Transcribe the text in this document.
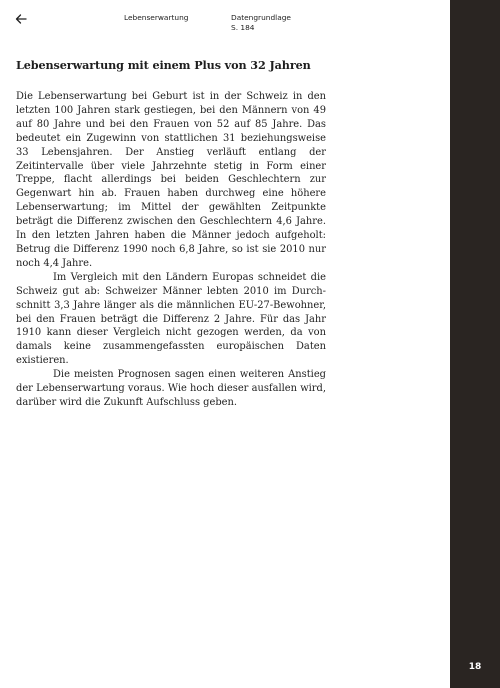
Lebenserwartung	Datengrundlage
S. 184
Lebenserwartung mit einem Plus von 32 Jahren

Die Lebenserwartung bei Geburt ist in der Schweiz in den letzten 100 Jahren stark gestiegen, bei den Männern von 49 auf 80 Jahre und bei den Frauen von 52 auf 85 Jahre. Das bedeutet ein Zugewinn von stattlichen 31 beziehungsweise 33 Lebensjahren. Der Anstieg verläuft entlang der Zeitintervalle über viele Jahrzehnte stetig in Form einer Treppe, flacht allerdings bei beiden Geschlechtern zur Gegenwart hin ab. Frauen haben durchweg eine höhere Lebenserwartung; im Mittel der gewählten Zeitpunkte beträgt die Differenz zwischen den Geschlechtern 4,6 Jahre. In den letzten Jahren haben die Männer jedoch aufgeholt: Betrug die Differenz 1990 noch 6,8 Jahre, so ist sie 2010 nur noch 4,4 Jahre.

Im Vergleich mit den Ländern Europas schneidet die Schweiz gut ab: Schweizer Männer lebten 2010 im Durchschnitt 3,3 Jahre länger als die männlichen EU-27-Bewohner, bei den Frauen beträgt die Differenz 2 Jahre. Für das Jahr 1910 kann dieser Vergleich nicht gezogen werden, da von damals keine zusammengefassten europäischen Daten existieren.

Die meisten Prognosen sagen einen weiteren Anstieg der Lebenserwartung voraus. Wie hoch dieser ausfallen wird, darüber wird die Zukunft Aufschluss geben.

18
